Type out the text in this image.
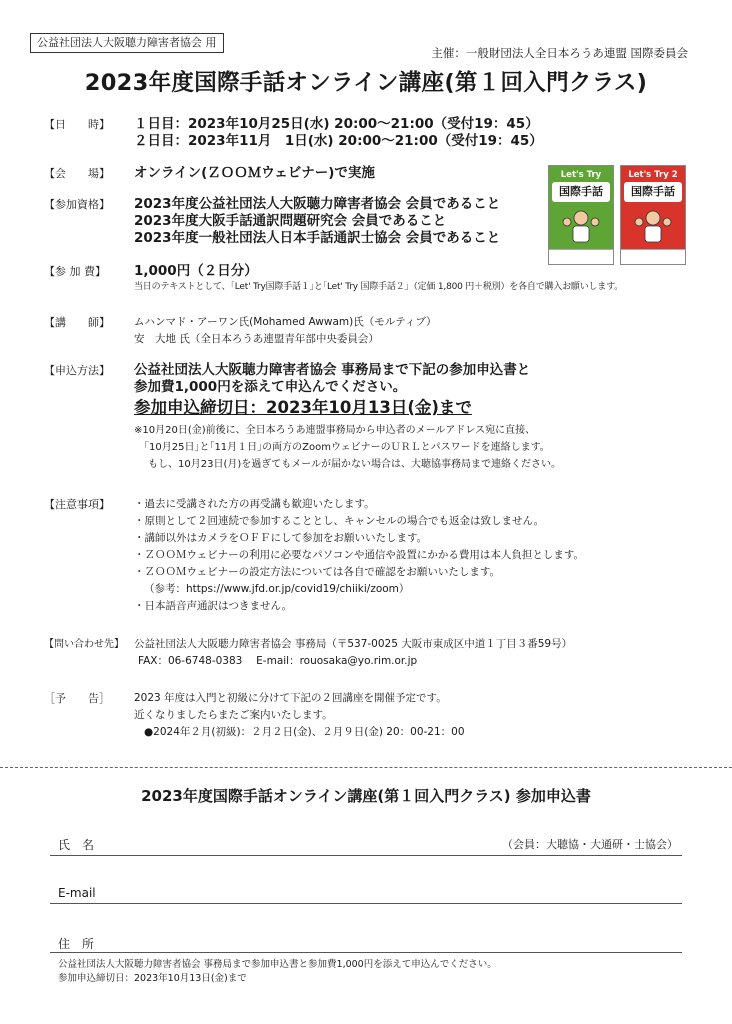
公益社団法人大阪聴力障害者協会 用
主催：一般財団法人全日本ろうあ連盟 国際委員会
2023年度国際手話オンライン講座(第１回入門クラス)
【日　　時】	１日目：2023年10月25日(水) 20:00～21:00（受付19：45）
２日目：2023年11月　1日(水) 20:00～21:00（受付19：45）
【会　　場】	オンライン(ＺＯＯＭウェビナー)で実施
【参加資格】	2023年度公益社団法人大阪聴力障害者協会 会員であること
2023年度大阪手話通訳問題研究会 会員であること
2023年度一般社団法人日本手話通訳士協会 会員であること
Let's Try
国際手話
Let's Try 2
国際手話
【参 加 費】	1,000円（２日分）
当日のテキストとして、｢Let' Try国際手話１｣と｢Let' Try 国際手話２｣（定価 1,800 円＋税別）を各自で購入お願いします。
【講　　師】	ムハンマド・アーワン氏(Mohamed Awwam)氏（モルティブ）
安　大地 氏（全日本ろうあ連盟青年部中央委員会）
【申込方法】	公益社団法人大阪聴力障害者協会 事務局まで下記の参加申込書と
参加費1,000円を添えて申込んでください。
参加申込締切日：2023年10月13日(金)まで
※10月20日(金)前後に、全日本ろうあ連盟事務局から申込者のメールアドレス宛に直接、
｢10月25日｣と｢11月１日｣の両方のZoomウェビナーのＵＲＬとパスワードを連絡します。
もし、10月23日(月)を過ぎてもメールが届かない場合は、大聴協事務局まで連絡ください。
【注意事項】	・過去に受講された方の再受講も歓迎いたします。
・原則として２回連続で参加することとし、キャンセルの場合でも返金は致しません。
・講師以外はカメラをＯＦＦにして参加をお願いいたします。
・ＺＯＯＭウェビナーの利用に必要なパソコンや通信や設置にかかる費用は本人負担とします。
・ＺＯＯＭウェビナーの設定方法については各自で確認をお願いいたします。
（参考：https://www.jfd.or.jp/covid19/chiiki/zoom）
・日本語音声通訳はつきません。
【問い合わせ先】 公益社団法人大阪聴力障害者協会 事務局（〒537-0025 大阪市東成区中道１丁目３番59号）
FAX：06-6748-0383　 E-mail：rouosaka@yo.rim.or.jp
［予　　告］	2023 年度は入門と初級に分けて下記の２回講座を開催予定です。
近くなりましたらまたご案内いたします。
●2024年２月(初級)：２月２日(金)、２月９日(金) 20：00-21：00
2023年度国際手話オンライン講座(第１回入門クラス) 参加申込書
氏　名	（会員：大聴協・大通研・士協会）
E-mail
住　所
公益社団法人大阪聴力障害者協会 事務局まで参加申込書と参加費1,000円を添えて申込んでください。
参加申込締切日：2023年10月13日(金)まで
